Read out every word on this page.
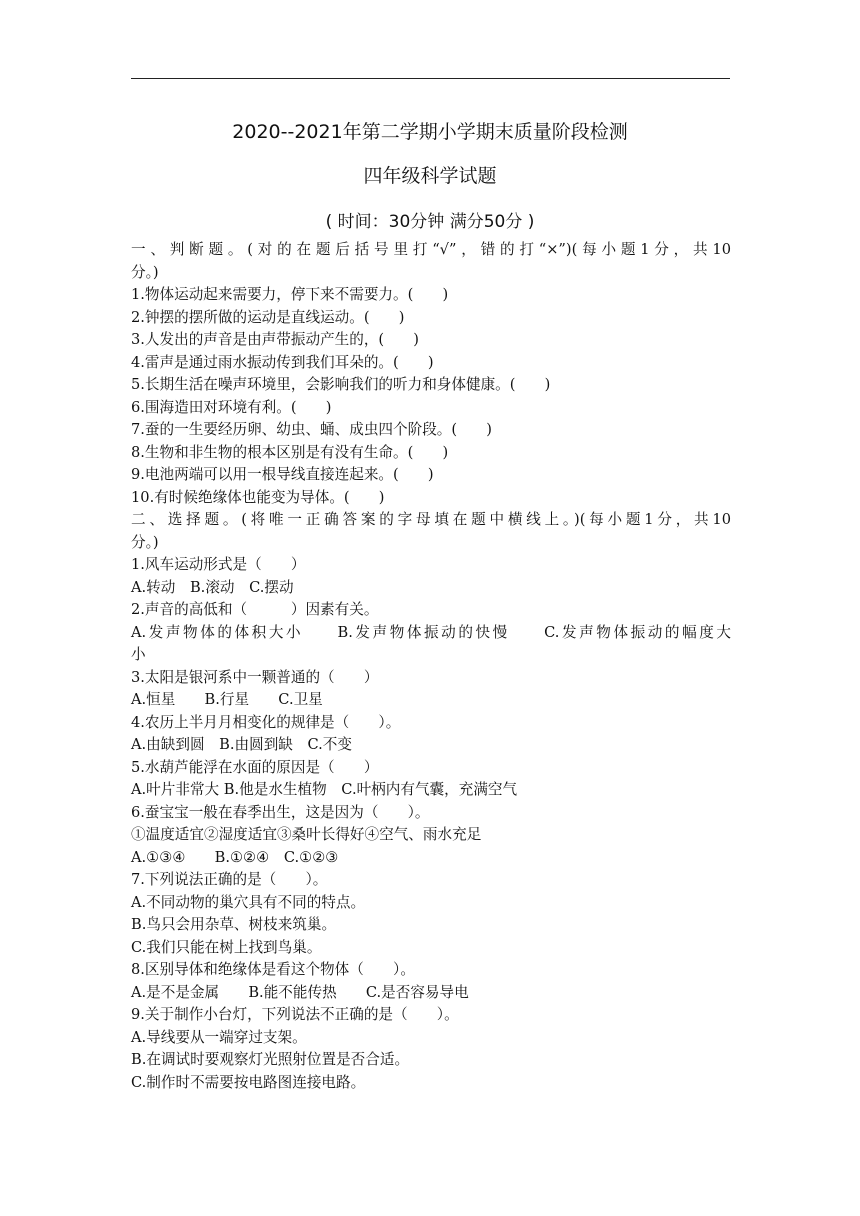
2020--2021年第二学期小学期末质量阶段检测
四年级科学试题
( 时间：30分钟 满分50分 )
一、判断题。(对的在题后括号里打“√”，错的打“×”)(每小题1分，共10
分。)
1.物体运动起来需要力，停下来不需要力。(　　)
2.钟摆的摆所做的运动是直线运动。(　　)
3.人发出的声音是由声带振动产生的，(　　)
4.雷声是通过雨水振动传到我们耳朵的。(　　)
5.长期生活在噪声环境里，会影响我们的听力和身体健康。(　　)
6.围海造田对环境有利。(　　)
7.蚕的一生要经历卵、幼虫、蛹、成虫四个阶段。(　　)
8.生物和非生物的根本区别是有没有生命。(　　)
9.电池两端可以用一根导线直接连起来。(　　)
10.有时候绝缘体也能变为导体。(　　)
二、选择题。(将唯一正确答案的字母填在题中横线上。)(每小题1分，共10
分。)
1.风车运动形式是（　　）
A.转动　B.滚动　C.摆动
2.声音的高低和（　　　）因素有关。
A.发声物体的体积大小　　B.发声物体振动的快慢　　C.发声物体振动的幅度大
小
3.太阳是银河系中一颗普通的（　　）
A.恒星　　B.行星　　C.卫星
4.农历上半月月相变化的规律是（　　）。
A.由缺到圆　B.由圆到缺　C.不变
5.水葫芦能浮在水面的原因是（　　）
A.叶片非常大 B.他是水生植物　C.叶柄内有气囊，充满空气
6.蚕宝宝一般在春季出生，这是因为（　　）。
①温度适宜②湿度适宜③桑叶长得好④空气、雨水充足
A.①③④　　B.①②④　C.①②③
7.下列说法正确的是（　　）。
A.不同动物的巢穴具有不同的特点。
B.鸟只会用杂草、树枝来筑巢。
C.我们只能在树上找到鸟巢。
8.区别导体和绝缘体是看这个物体（　　）。
A.是不是金属　　B.能不能传热　　C.是否容易导电
9.关于制作小台灯，下列说法不正确的是（　　）。
A.导线要从一端穿过支架。
B.在调试时要观察灯光照射位置是否合适。
C.制作时不需要按电路图连接电路。
